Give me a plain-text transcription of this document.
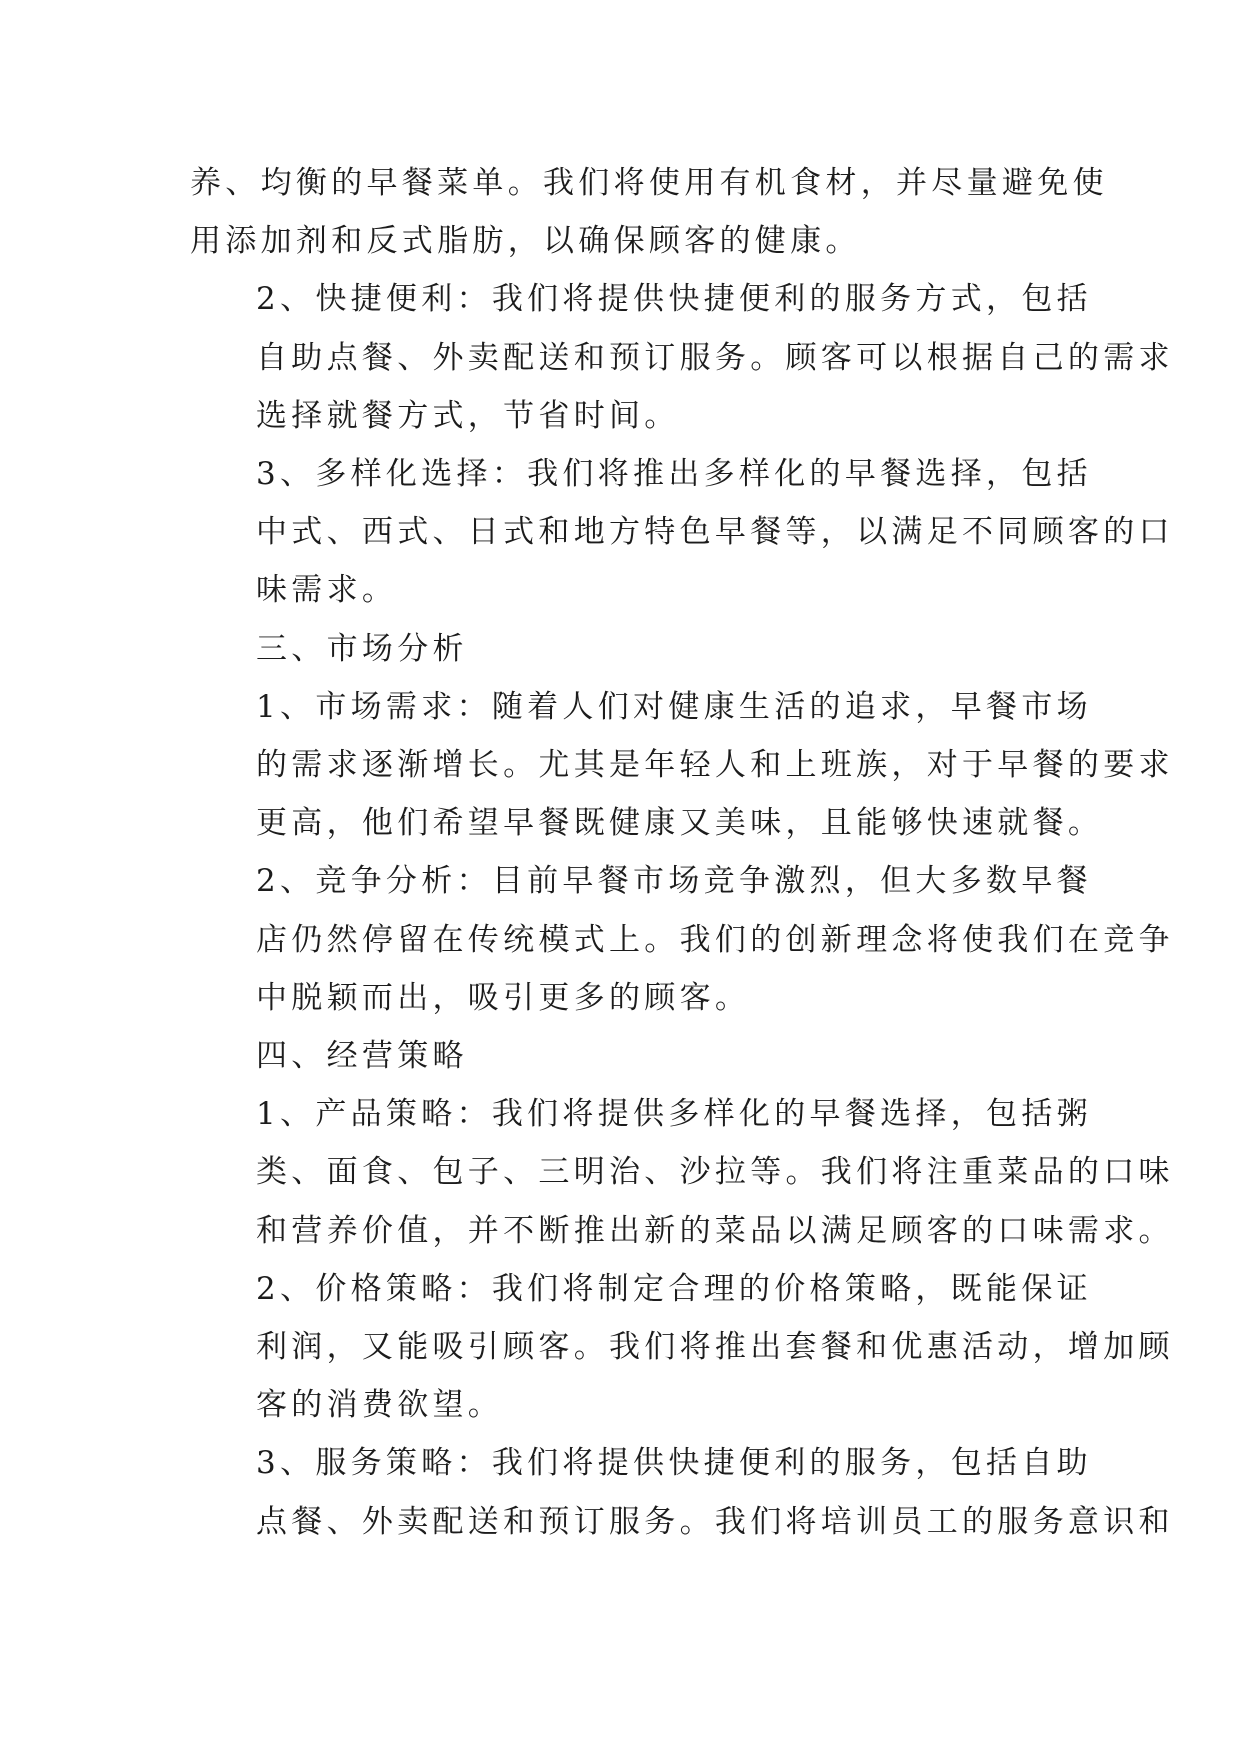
养、均衡的早餐菜单。我们将使用有机食材，并尽量避免使
用添加剂和反式脂肪，以确保顾客的健康。

2、快捷便利：我们将提供快捷便利的服务方式，包括
自助点餐、外卖配送和预订服务。顾客可以根据自己的需求
选择就餐方式，节省时间。

3、多样化选择：我们将推出多样化的早餐选择，包括
中式、西式、日式和地方特色早餐等，以满足不同顾客的口
味需求。

三、市场分析

1、市场需求：随着人们对健康生活的追求，早餐市场
的需求逐渐增长。尤其是年轻人和上班族，对于早餐的要求
更高，他们希望早餐既健康又美味，且能够快速就餐。

2、竞争分析：目前早餐市场竞争激烈，但大多数早餐
店仍然停留在传统模式上。我们的创新理念将使我们在竞争
中脱颖而出，吸引更多的顾客。

四、经营策略

1、产品策略：我们将提供多样化的早餐选择，包括粥
类、面食、包子、三明治、沙拉等。我们将注重菜品的口味
和营养价值，并不断推出新的菜品以满足顾客的口味需求。

2、价格策略：我们将制定合理的价格策略，既能保证
利润，又能吸引顾客。我们将推出套餐和优惠活动，增加顾
客的消费欲望。

3、服务策略：我们将提供快捷便利的服务，包括自助
点餐、外卖配送和预订服务。我们将培训员工的服务意识和
